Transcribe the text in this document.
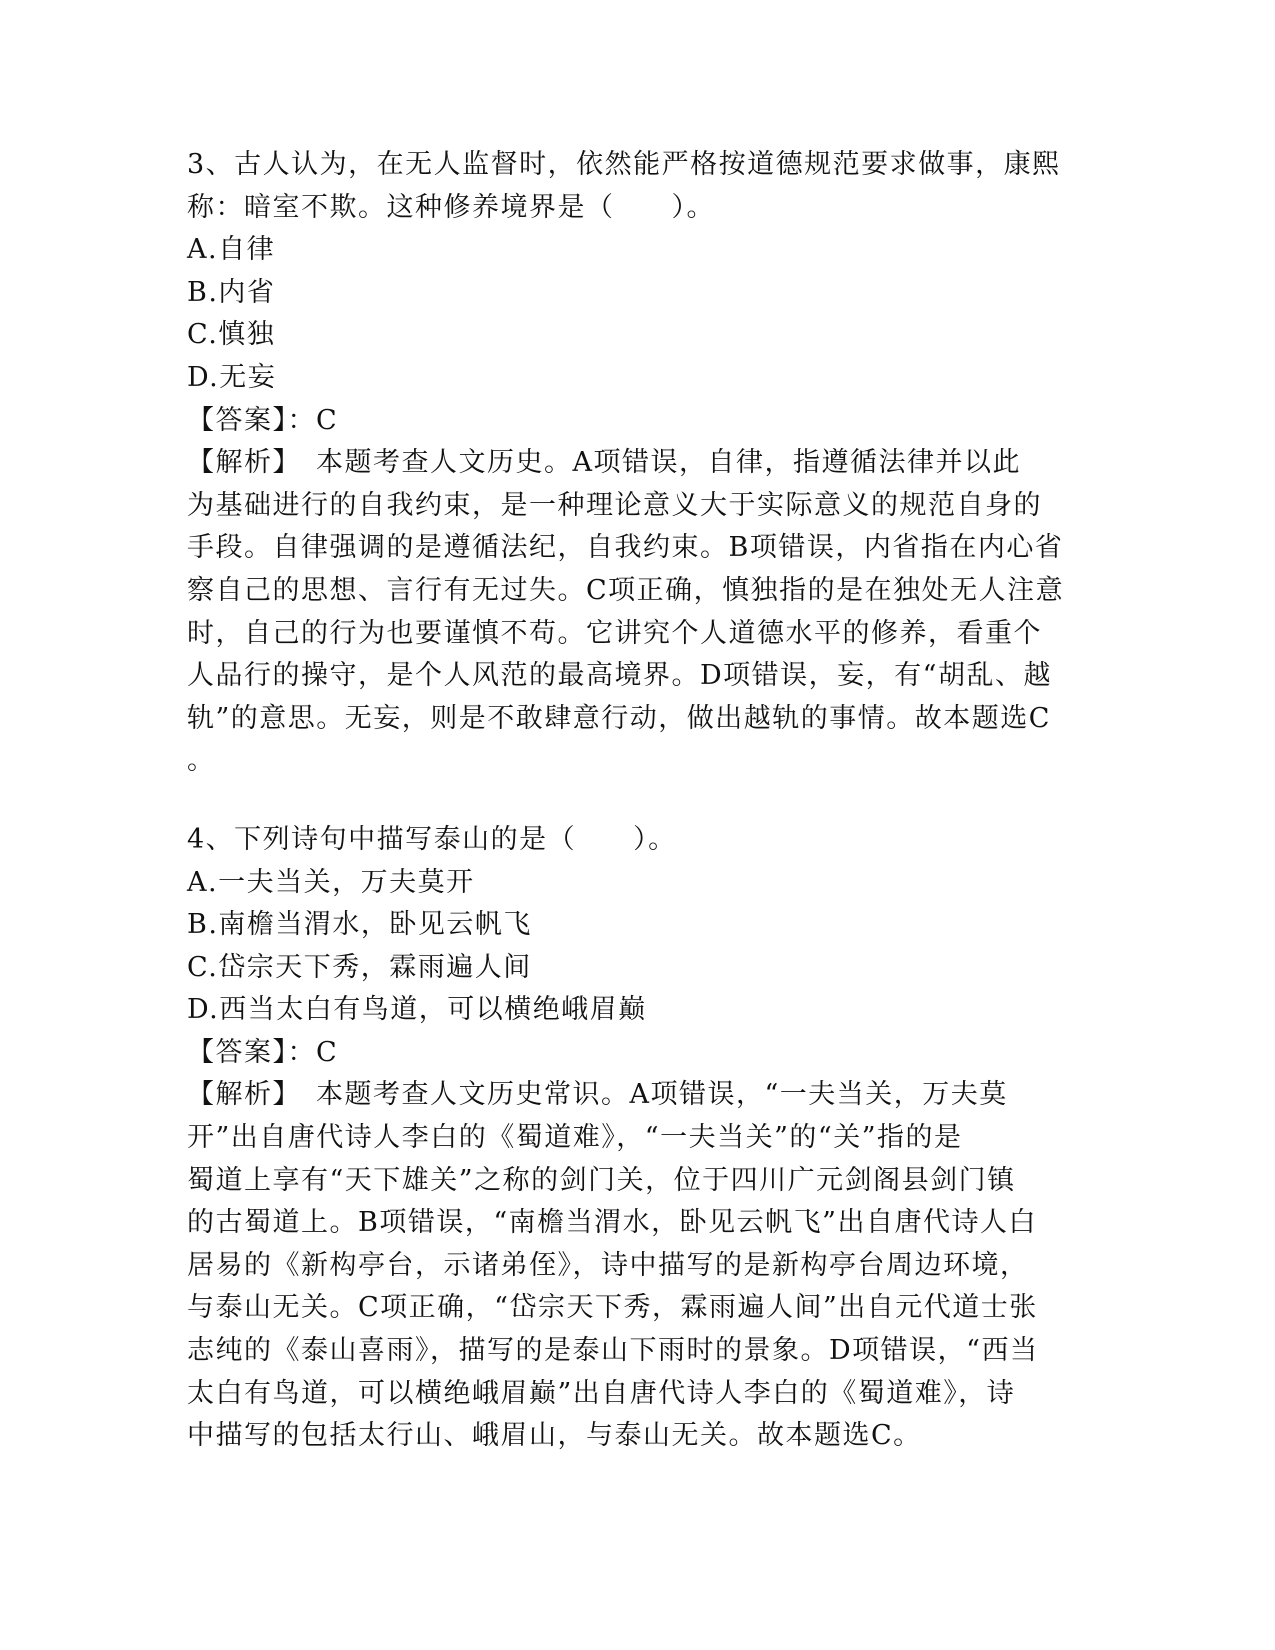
3、古人认为，在无人监督时，依然能严格按道德规范要求做事，康熙
称：暗室不欺。这种修养境界是（　　）。
A.自律
B.内省
C.慎独
D.无妄
【答案】：C
【解析】　本题考查人文历史。A项错误，自律，指遵循法律并以此
为基础进行的自我约束，是一种理论意义大于实际意义的规范自身的
手段。自律强调的是遵循法纪，自我约束。B项错误，内省指在内心省
察自己的思想、言行有无过失。C项正确，慎独指的是在独处无人注意
时，自己的行为也要谨慎不苟。它讲究个人道德水平的修养，看重个
人品行的操守，是个人风范的最高境界。D项错误，妄，有“胡乱、越
轨”的意思。无妄，则是不敢肆意行动，做出越轨的事情。故本题选C
。
4、下列诗句中描写泰山的是（　　）。
A.一夫当关，万夫莫开
B.南檐当渭水，卧见云帆飞
C.岱宗天下秀，霖雨遍人间
D.西当太白有鸟道，可以横绝峨眉巅
【答案】：C
【解析】　本题考查人文历史常识。A项错误，“一夫当关，万夫莫
开”出自唐代诗人李白的《蜀道难》，“一夫当关”的“关”指的是
蜀道上享有“天下雄关”之称的剑门关，位于四川广元剑阁县剑门镇
的古蜀道上。B项错误，“南檐当渭水，卧见云帆飞”出自唐代诗人白
居易的《新构亭台，示诸弟侄》，诗中描写的是新构亭台周边环境，
与泰山无关。C项正确，“岱宗天下秀，霖雨遍人间”出自元代道士张
志纯的《泰山喜雨》，描写的是泰山下雨时的景象。D项错误，“西当
太白有鸟道，可以横绝峨眉巅”出自唐代诗人李白的《蜀道难》，诗
中描写的包括太行山、峨眉山，与泰山无关。故本题选C。
